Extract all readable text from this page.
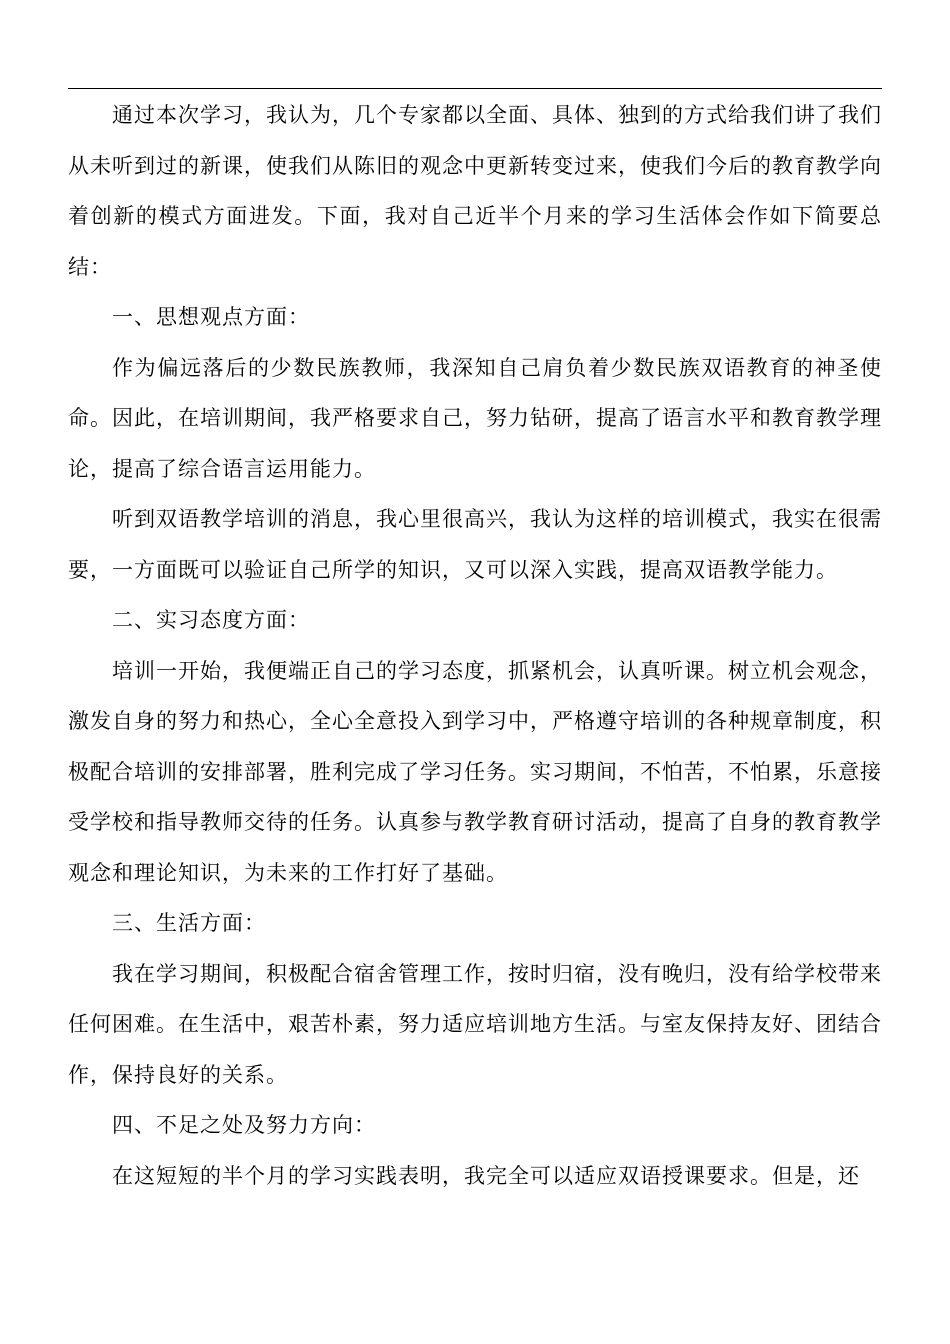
通过本次学习，我认为，几个专家都以全面、具体、独到的方式给我们讲了我们从未听到过的新课，使我们从陈旧的观念中更新转变过来，使我们今后的教育教学向着创新的模式方面进发。下面，我对自己近半个月来的学习生活体会作如下简要总结：

一、思想观点方面：

作为偏远落后的少数民族教师，我深知自己肩负着少数民族双语教育的神圣使命。因此，在培训期间，我严格要求自己，努力钻研，提高了语言水平和教育教学理论，提高了综合语言运用能力。

听到双语教学培训的消息，我心里很高兴，我认为这样的培训模式，我实在很需要，一方面既可以验证自己所学的知识，又可以深入实践，提高双语教学能力。

二、实习态度方面：

培训一开始，我便端正自己的学习态度，抓紧机会，认真听课。树立机会观念，激发自身的努力和热心，全心全意投入到学习中，严格遵守培训的各种规章制度，积极配合培训的安排部署，胜利完成了学习任务。实习期间，不怕苦，不怕累，乐意接受学校和指导教师交待的任务。认真参与教学教育研讨活动，提高了自身的教育教学观念和理论知识，为未来的工作打好了基础。

三、生活方面：

我在学习期间，积极配合宿舍管理工作，按时归宿，没有晚归，没有给学校带来任何困难。在生活中，艰苦朴素，努力适应培训地方生活。与室友保持友好、团结合作，保持良好的关系。

四、不足之处及努力方向：

在这短短的半个月的学习实践表明，我完全可以适应双语授课要求。但是，还
